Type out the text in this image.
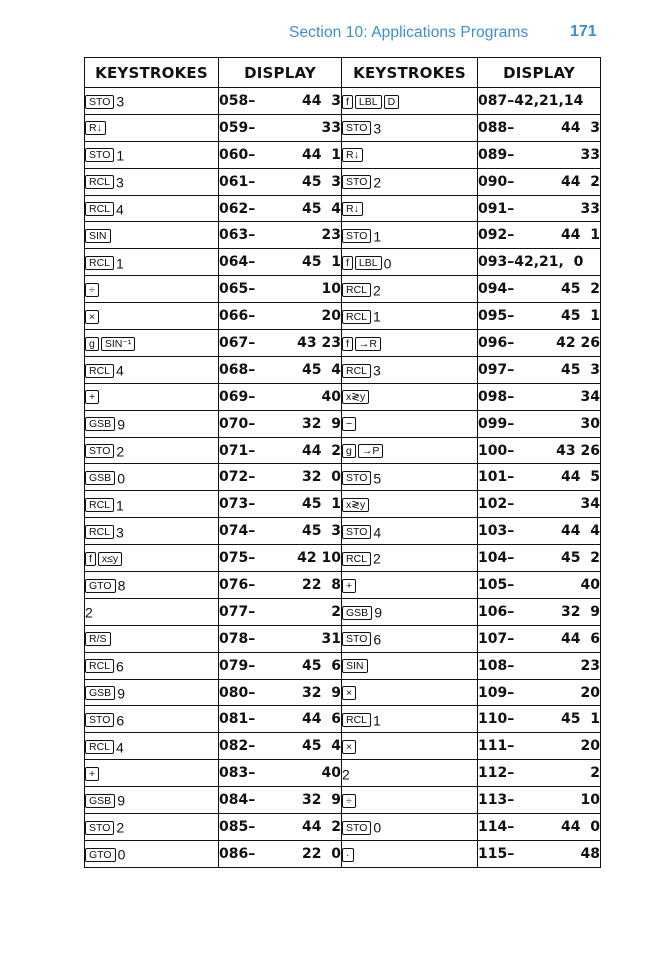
Section 10: Applications Programs	171
KEYSTROKES	DISPLAY	KEYSTROKES	DISPLAY
STO 3	058– 44  3	f LBL D	087–42,21,14

R↓	059– 33	STO 3	088– 44  3

STO 1	060– 44  1	R↓	089– 33

RCL 3	061– 45  3	STO 2	090– 44  2

RCL 4	062– 45  4	R↓	091– 33

SIN	063– 23	STO 1	092– 44  1

RCL 1	064– 45  1	f LBL 0	093–42,21,  0

÷	065– 10	RCL 2	094– 45  2

×	066– 20	RCL 1	095– 45  1

g SIN⁻¹	067– 43 23	f →R	096– 42 26

RCL 4	068– 45  4	RCL 3	097– 45  3

+	069– 40	x≷y	098– 34

GSB 9	070– 32  9	−	099– 30

STO 2	071– 44  2	g →P	100– 43 26

GSB 0	072– 32  0	STO 5	101– 44  5

RCL 1	073– 45  1	x≷y	102– 34

RCL 3	074– 45  3	STO 4	103– 44  4

f x≤y	075– 42 10	RCL 2	104– 45  2

GTO 8	076– 22  8	+	105– 40

2	077– 2	GSB 9	106– 32  9

R/S	078– 31	STO 6	107– 44  6

RCL 6	079– 45  6	SIN	108– 23

GSB 9	080– 32  9	×	109– 20

STO 6	081– 44  6	RCL 1	110– 45  1

RCL 4	082– 45  4	×	111– 20

+	083– 40	2	112– 2

GSB 9	084– 32  9	÷	113– 10

STO 2	085– 44  2	STO 0	114– 44  0

GTO 0	086– 22  0	·	115– 48
